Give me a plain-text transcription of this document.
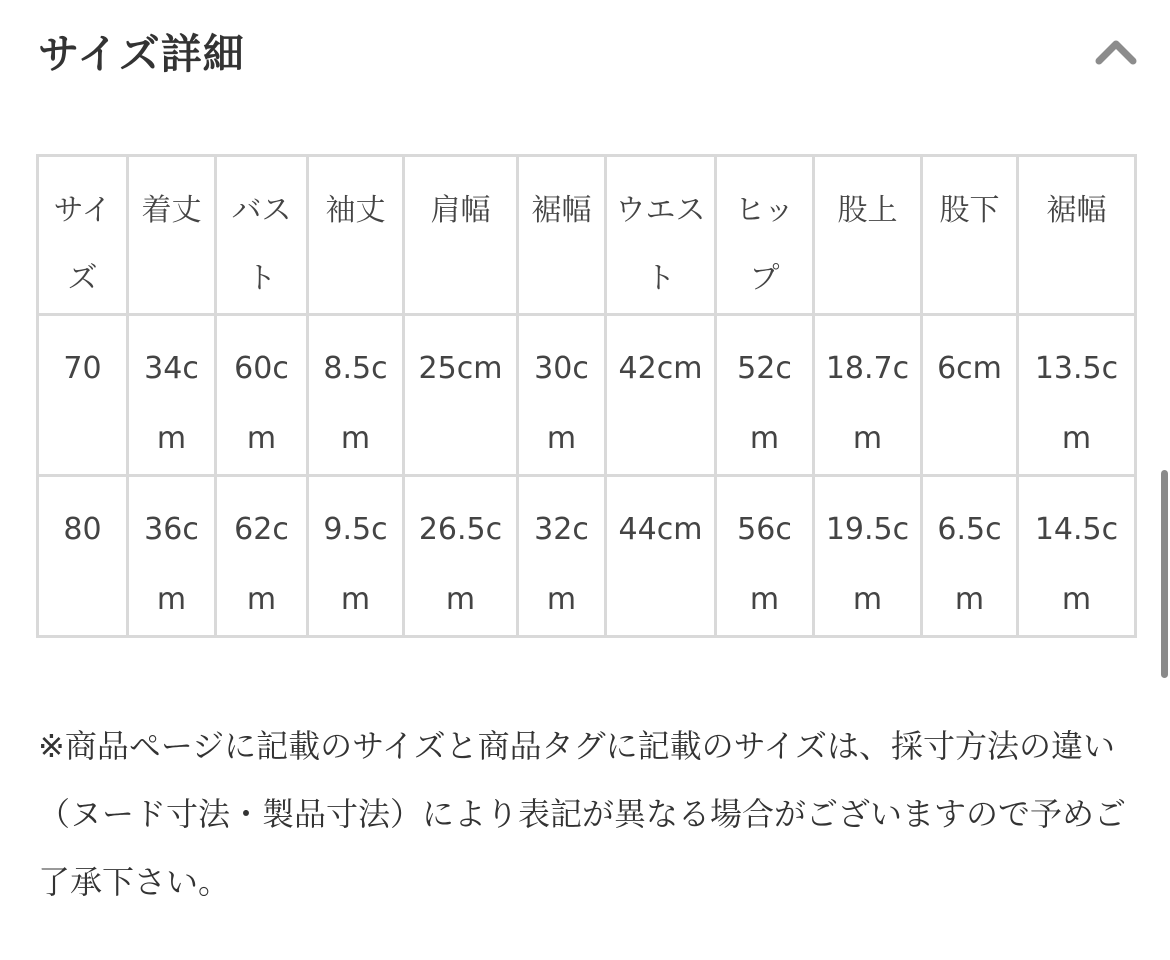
サイズ詳細
サイズ	着丈	バスト	袖丈	肩幅	裾幅	ウエスト	ヒップ	股上	股下	裾幅
70	34cm	60cm	8.5cm	25cm	30cm	42cm	52cm	18.7cm	6cm	13.5cm
80	36cm	62cm	9.5cm	26.5cm	32cm	44cm	56cm	19.5cm	6.5cm	14.5cm

※商品ページに記載のサイズと商品タグに記載のサイズは、採寸方法の違い（ヌード寸法・製品寸法）により表記が異なる場合がございますので予めご了承下さい。
